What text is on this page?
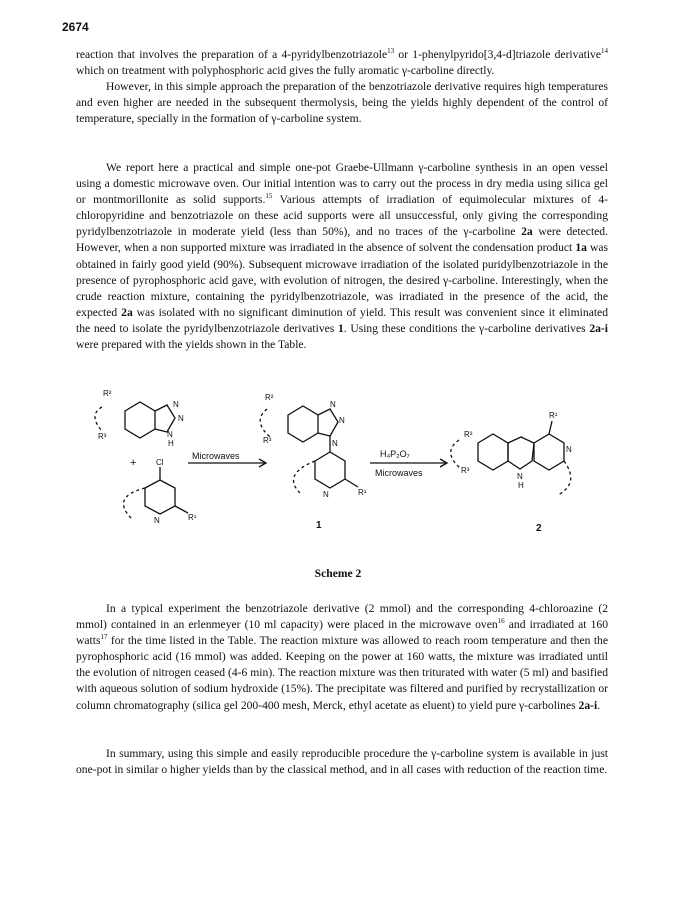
2674

reaction that involves the preparation of a 4-pyridylbenzotriazole$^{13}$ or 1-phenylpyrido[3,4-d]triazole derivative$^{14}$ which on treatment with polyphosphoric acid gives the fully aromatic γ-carboline directly.

However, in this simple approach the preparation of the benzotriazole derivative requires high temperatures and even higher are needed in the subsequent thermolysis, being the yields highly dependent of the control of temperature, specially in the formation of γ-carboline system.

We report here a practical and simple one-pot Graebe-Ullmann γ-carboline synthesis in an open vessel using a domestic microwave oven. Our initial intention was to carry out the process in dry media using silica gel or montmorillonite as solid supports.$^{15}$ Various attempts of irradiation of equimolecular mixtures of 4-chloropyridine and benzotriazole on these acid supports were all unsuccessful, only giving the corresponding pyridylbenzotriazole in moderate yield (less than 50%), and no traces of the γ-carboline 2a were detected. However, when a non supported mixture was irradiated in the absence of solvent the condensation product 1a was obtained in fairly good yield (90%). Subsequent microwave irradiation of the isolated puridylbenzotriazole in the presence of pyrophosphoric acid gave, with evolution of nitrogen, the desired γ-carboline. Interestingly, when the crude reaction mixture, containing the pyridylbenzotriazole, was irradiated in the presence of the acid, the expected 2a was isolated with no significant diminution of yield. This result was convenient since it eliminated the need to isolate the pyridylbenzotriazole derivatives 1. Using these conditions the γ-carboline derivatives 2a-i were prepared with the yields shown in the Table.

R²
R³
N
N
N
H
+ Cl
N	R¹
Microwaves
R²
R³
N
N
N
N	R¹
H₄P₂O₇
Microwaves
R²
R³
R¹
N
N
H
1	2
Scheme 2

In a typical experiment the benzotriazole derivative (2 mmol) and the corresponding 4-chloroazine (2 mmol) contained in an erlenmeyer (10 ml capacity) were placed in the microwave oven$^{16}$ and irradiated at 160 watts$^{17}$ for the time listed in the Table. The reaction mixture was allowed to reach room temperature and then the pyrophosphoric acid (16 mmol) was added. Keeping on the power at 160 watts, the mixture was irradiated until the evolution of nitrogen ceased (4-6 min). The reaction mixture was then triturated with water (5 ml) and basified with aqueous solution of sodium hydroxide (15%). The precipitate was filtered and purified by recrystallization or column chromatography (silica gel 200-400 mesh, Merck, ethyl acetate as eluent) to yield pure γ-carbolines 2a-i.

In summary, using this simple and easily reproducible procedure the γ-carboline system is available in just one-pot in similar o higher yields than by the classical method, and in all cases with reduction of the reaction time.
